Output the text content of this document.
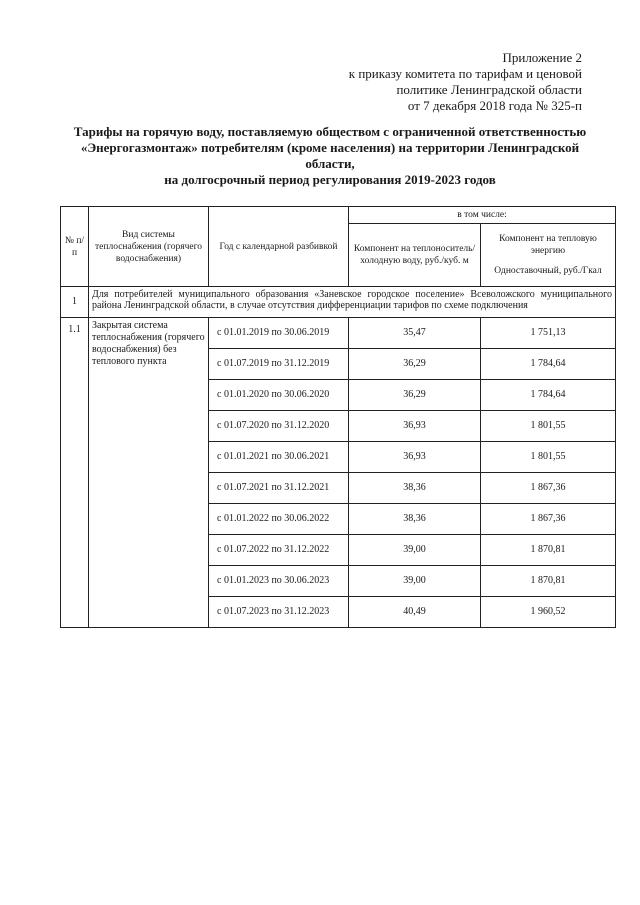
Приложение 2
к приказу комитета по тарифам и ценовой
политике Ленинградской области
от 7 декабря 2018 года № 325-п
Тарифы на горячую воду, поставляемую обществом с ограниченной ответственностью
«Энергогазмонтаж» потребителям (кроме населения) на территории Ленинградской области,
на долгосрочный период регулирования 2019-2023 годов
№ п/п	Вид системы теплоснабжения (горячего водоснабжения)	Год с календарной разбивкой	в том числе:	
			Компонент на теплоноситель/холодную воду, руб./куб. м	Компонент на тепловую энергию
Одноставочный, руб./Гкал

1	Для потребителей муниципального образования «Заневское городское поселение» Всеволожского муниципального района Ленинградской области, в случае отсутствия дифференциации тарифов по схеме подключения			
1.1	Закрытая система теплоснабжения (горячего водоснабжения) без теплового пункта	с 01.01.2019 по 30.06.2019	35,47	1 751,13
		с 01.07.2019 по 31.12.2019	36,29	1 784,64
		с 01.01.2020 по 30.06.2020	36,29	1 784,64
		с 01.07.2020 по 31.12.2020	36,93	1 801,55
		с 01.01.2021 по 30.06.2021	36,93	1 801,55
		с 01.07.2021 по 31.12.2021	38,36	1 867,36
		с 01.01.2022 по 30.06.2022	38,36	1 867,36
		с 01.07.2022 по 31.12.2022	39,00	1 870,81
		с 01.01.2023 по 30.06.2023	39,00	1 870,81
		с 01.07.2023 по 31.12.2023	40,49	1 960,52
